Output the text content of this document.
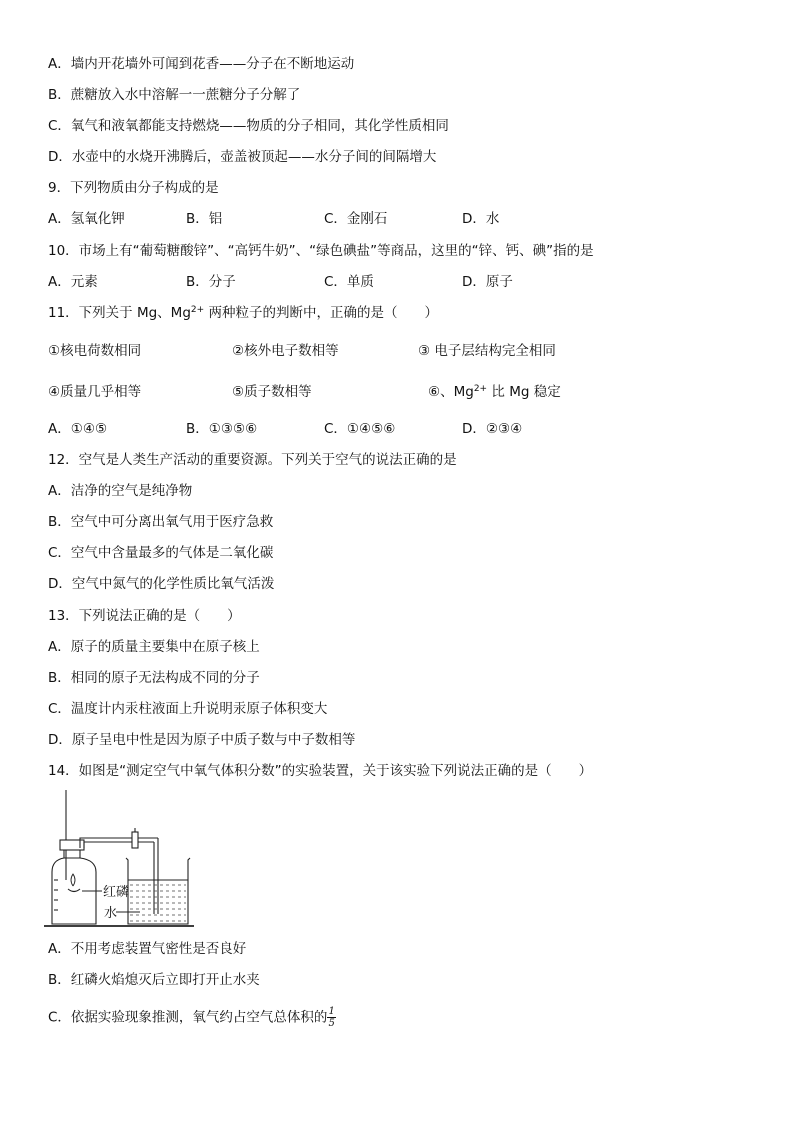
A．墙内开花墙外可闻到花香——分子在不断地运动
B．蔗糖放入水中溶解一一蔗糖分子分解了
C．氧气和液氧都能支持燃烧——物质的分子相同，其化学性质相同
D．水壶中的水烧开沸腾后，壶盖被顶起——水分子间的间隔增大
9．下列物质由分子构成的是
A．氢氧化钾	B．铝	C．金刚石	D．水
10．市场上有“葡萄糖酸锌”、“高钙牛奶”、“绿色碘盐”等商品，这里的“锌、钙、碘”指的是
A．元素	B．分子	C．单质	D．原子
11．下列关于 Mg、$Mg^{2+}$ 两种粒子的判断中，正确的是（　　）
①核电荷数相同	②核外电子数相等	③ 电子层结构完全相同
④质量几乎相等	⑤质子数相等	⑥、$Mg^{2+}$ 比 Mg 稳定
A．①④⑤	B．①③⑤⑥	C．①④⑤⑥	D．②③④
12．空气是人类生产活动的重要资源。下列关于空气的说法正确的是
A．洁净的空气是纯净物
B．空气中可分离出氧气用于医疗急救
C．空气中含量最多的气体是二氧化碳
D．空气中氮气的化学性质比氧气活泼
13．下列说法正确的是（　　）
A．原子的质量主要集中在原子核上
B．相同的原子无法构成不同的分子
C．温度计内汞柱液面上升说明汞原子体积变大
D．原子呈电中性是因为原子中质子数与中子数相等
14．如图是“测定空气中氧气体积分数”的实验装置，关于该实验下列说法正确的是（　　）
红磷
水
A．不用考虑装置气密性是否良好
B．红磷火焰熄灭后立即打开止水夹
C．依据实验现象推测，氧气约占空气总体积的 $\frac{1}{5}$
